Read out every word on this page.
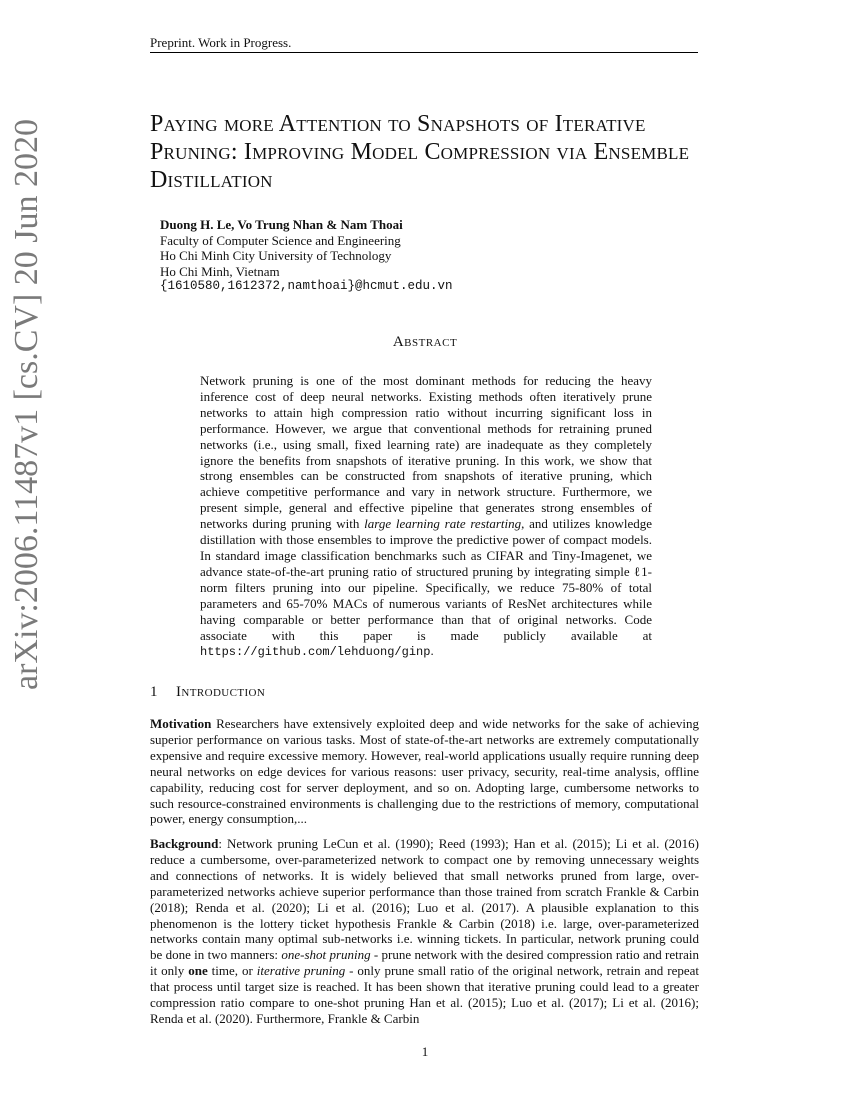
Preprint. Work in Progress.
arXiv:2006.11487v1 [cs.CV] 20 Jun 2020	Paying more Attention to Snapshots of Iterative Pruning: Improving Model Compression via Ensemble Distillation
Duong H. Le, Vo Trung Nhan & Nam Thoai
Faculty of Computer Science and Engineering
Ho Chi Minh City University of Technology
Ho Chi Minh, Vietnam
{1610580,1612372,namthoai}@hcmut.edu.vn
Abstract
Network pruning is one of the most dominant methods for reducing the heavy inference cost of deep neural networks. Existing methods often iteratively prune networks to attain high compression ratio without incurring significant loss in performance. However, we argue that conventional methods for retraining pruned networks (i.e., using small, fixed learning rate) are inadequate as they completely ignore the benefits from snapshots of iterative pruning. In this work, we show that strong ensembles can be constructed from snapshots of iterative pruning, which achieve competitive performance and vary in network structure. Furthermore, we present simple, general and effective pipeline that generates strong ensembles of networks during pruning with large learning rate restarting, and utilizes knowledge distillation with those ensembles to improve the predictive power of compact models. In standard image classification benchmarks such as CIFAR and Tiny-Imagenet, we advance state-of-the-art pruning ratio of structured pruning by integrating simple ℓ1-norm filters pruning into our pipeline. Specifically, we reduce 75-80% of total parameters and 65-70% MACs of numerous variants of ResNet architectures while having comparable or better performance than that of original networks. Code associate with this paper is made publicly available at https://github.com/lehduong/ginp.
1 Introduction
Motivation Researchers have extensively exploited deep and wide networks for the sake of achieving superior performance on various tasks. Most of state-of-the-art networks are extremely computationally expensive and require excessive memory. However, real-world applications usually require running deep neural networks on edge devices for various reasons: user privacy, security, real-time analysis, offline capability, reducing cost for server deployment, and so on. Adopting large, cumbersome networks to such resource-constrained environments is challenging due to the restrictions of memory, computational power, energy consumption,...
Background: Network pruning LeCun et al. (1990); Reed (1993); Han et al. (2015); Li et al. (2016) reduce a cumbersome, over-parameterized network to compact one by removing unnecessary weights and connections of networks. It is widely believed that small networks pruned from large, over-parameterized networks achieve superior performance than those trained from scratch Frankle & Carbin (2018); Renda et al. (2020); Li et al. (2016); Luo et al. (2017). A plausible explanation to this phenomenon is the lottery ticket hypothesis Frankle & Carbin (2018) i.e. large, over-parameterized networks contain many optimal sub-networks i.e. winning tickets. In particular, network pruning could be done in two manners: one-shot pruning - prune network with the desired compression ratio and retrain it only one time, or iterative pruning - only prune small ratio of the original network, retrain and repeat that process until target size is reached. It has been shown that iterative pruning could lead to a greater compression ratio compare to one-shot pruning Han et al. (2015); Luo et al. (2017); Li et al. (2016); Renda et al. (2020). Furthermore, Frankle & Carbin
1
